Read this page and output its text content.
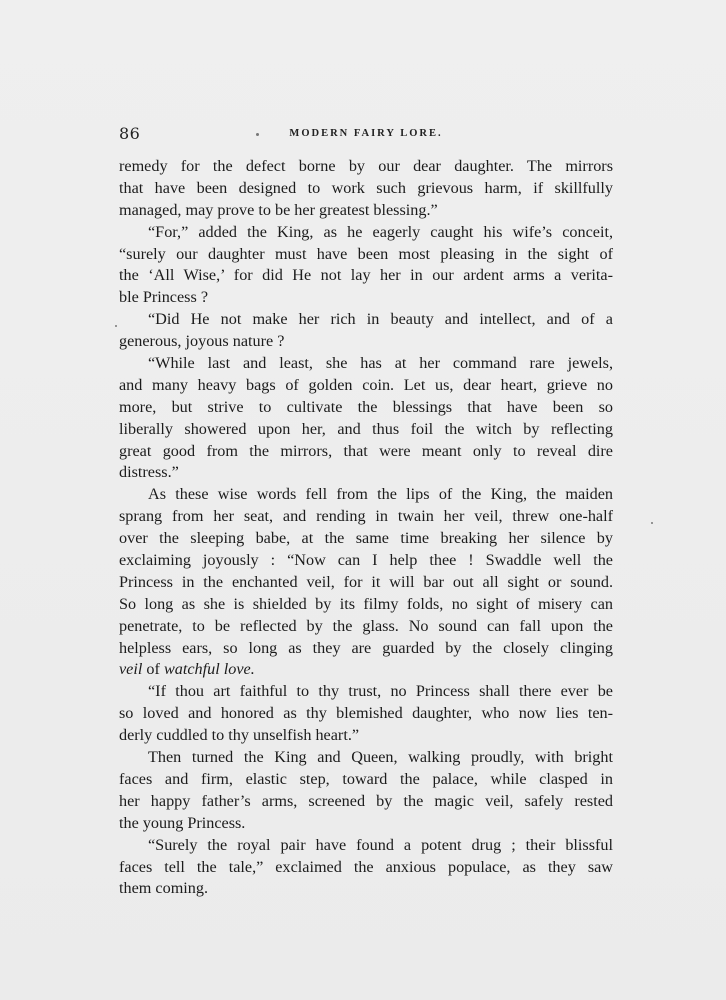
86	MODERN FAIRY LORE.
remedy for the defect borne by our dear daughter. The mirrors
that have been designed to work such grievous harm, if skillfully
managed, may prove to be her greatest blessing.”
“For,” added the King, as he eagerly caught his wife’s conceit,
“surely our daughter must have been most pleasing in the sight of
the ‘All Wise,’ for did He not lay her in our ardent arms a verita-
ble Princess ?
“Did He not make her rich in beauty and intellect, and of a
generous, joyous nature ?
“While last and least, she has at her command rare jewels,
and many heavy bags of golden coin. Let us, dear heart, grieve no
more, but strive to cultivate the blessings that have been so
liberally showered upon her, and thus foil the witch by reflecting
great good from the mirrors, that were meant only to reveal dire
distress.”
As these wise words fell from the lips of the King, the maiden
sprang from her seat, and rending in twain her veil, threw one-half
over the sleeping babe, at the same time breaking her silence by
exclaiming joyously : “Now can I help thee ! Swaddle well the
Princess in the enchanted veil, for it will bar out all sight or sound.
So long as she is shielded by its filmy folds, no sight of misery can
penetrate, to be reflected by the glass. No sound can fall upon the
helpless ears, so long as they are guarded by the closely clinging
veil of watchful love.
“If thou art faithful to thy trust, no Princess shall there ever be
so loved and honored as thy blemished daughter, who now lies ten-
derly cuddled to thy unselfish heart.”
Then turned the King and Queen, walking proudly, with bright
faces and firm, elastic step, toward the palace, while clasped in
her happy father’s arms, screened by the magic veil, safely rested
the young Princess.
“Surely the royal pair have found a potent drug ; their blissful
faces tell the tale,” exclaimed the anxious populace, as they saw
them coming.
